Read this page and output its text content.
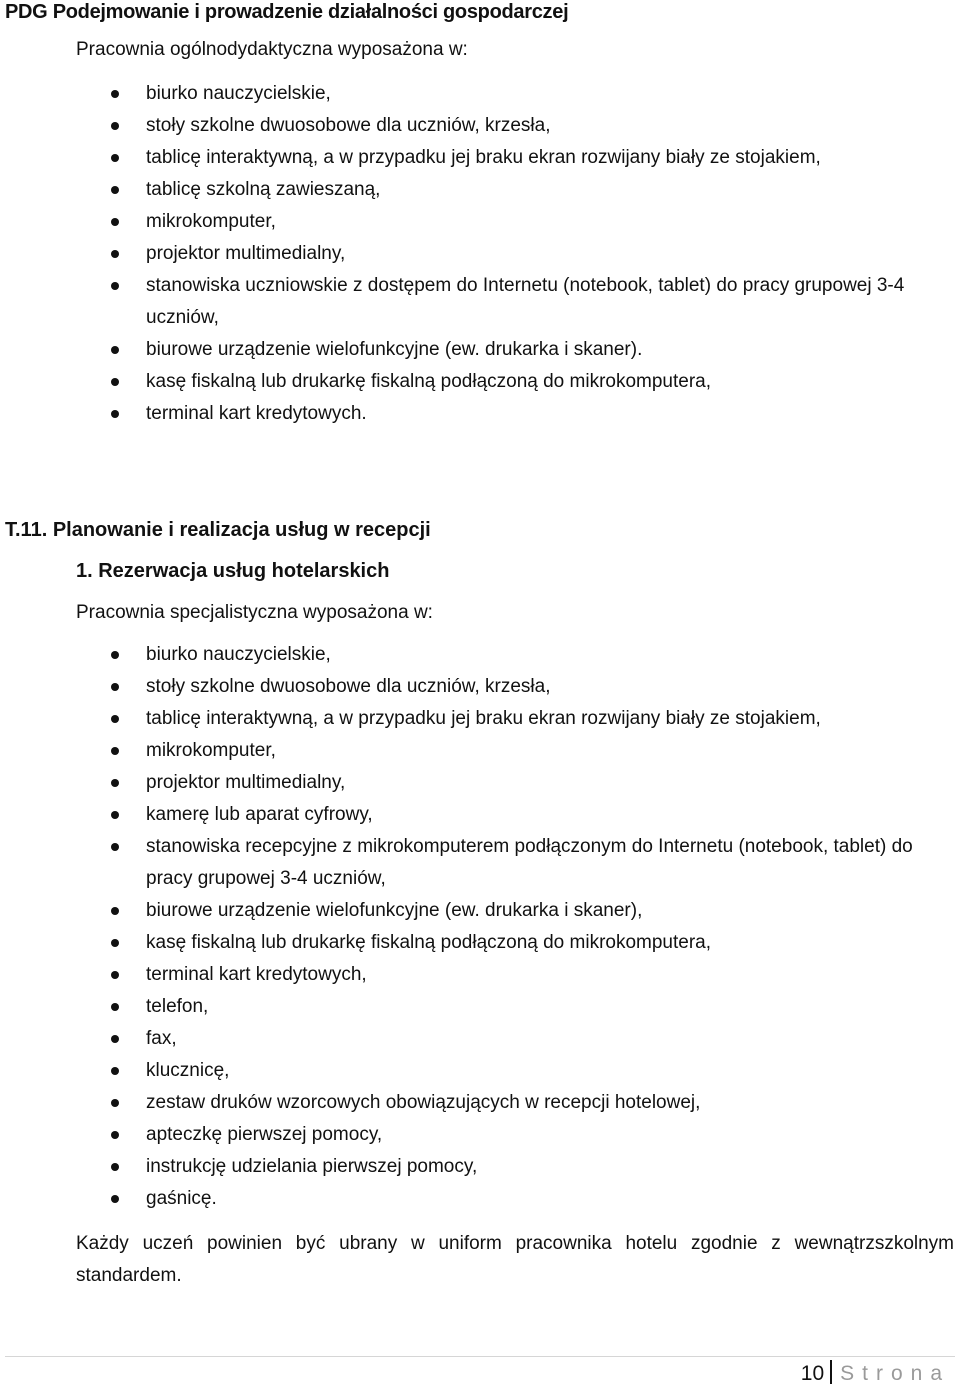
PDG Podejmowanie i prowadzenie działalności gospodarczej
Pracownia ogólnodydaktyczna wyposażona w:
biurko nauczycielskie,
stoły szkolne dwuosobowe dla uczniów, krzesła,
tablicę interaktywną, a w przypadku jej braku ekran rozwijany biały ze stojakiem,
tablicę szkolną zawieszaną,
mikrokomputer,
projektor multimedialny,
stanowiska uczniowskie z dostępem do Internetu (notebook, tablet) do pracy grupowej 3-4 uczniów,
biurowe urządzenie wielofunkcyjne (ew. drukarka i skaner).
kasę fiskalną lub drukarkę fiskalną podłączoną do mikrokomputera,
terminal kart kredytowych.
T.11. Planowanie i realizacja usług w recepcji
1. Rezerwacja usług hotelarskich
Pracownia specjalistyczna wyposażona w:
biurko nauczycielskie,
stoły szkolne dwuosobowe dla uczniów, krzesła,
tablicę interaktywną, a w przypadku jej braku ekran rozwijany biały ze stojakiem,
mikrokomputer,
projektor multimedialny,
kamerę lub aparat cyfrowy,
stanowiska recepcyjne z mikrokomputerem podłączonym do Internetu (notebook, tablet) do pracy grupowej 3-4 uczniów,
biurowe urządzenie wielofunkcyjne (ew. drukarka i skaner),
kasę fiskalną lub drukarkę fiskalną podłączoną do mikrokomputera,
terminal kart kredytowych,
telefon,
fax,
klucznicę,
zestaw druków wzorcowych obowiązujących w recepcji hotelowej,
apteczkę pierwszej pomocy,
instrukcję udzielania pierwszej pomocy,
gaśnicę.
Każdy uczeń powinien być ubrany w uniform pracownika hotelu zgodnie z wewnątrzszkolnym standardem.
10 Strona
